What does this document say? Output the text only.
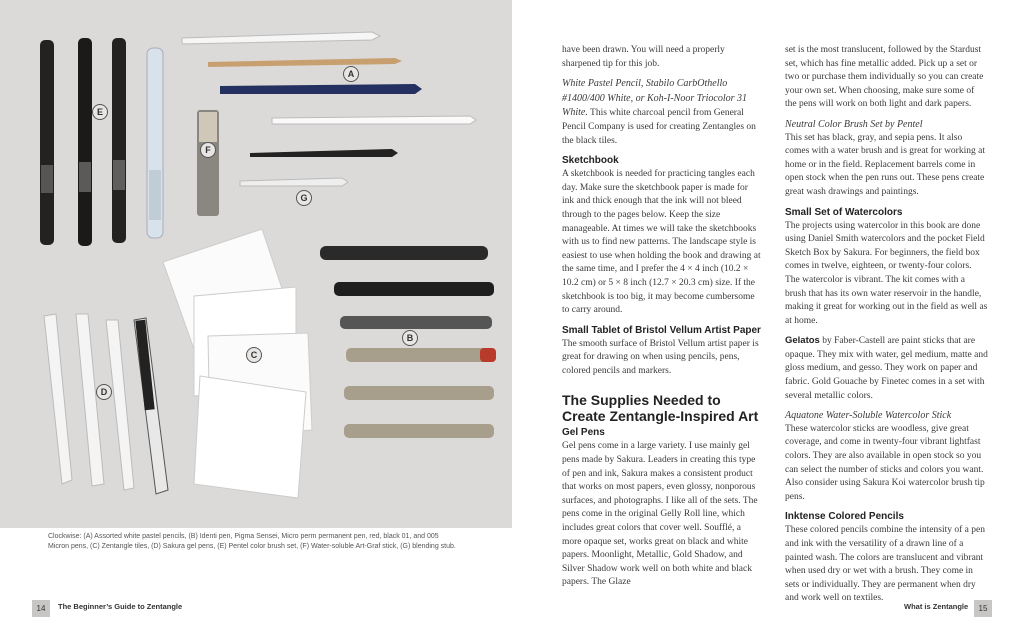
A
E
F
G
B
C
D
Clockwise: (A) Assorted white pastel pencils, (B) Identi pen, Pigma Sensei, Micro perm permanent pen, red, black 01, and 005 Micron pens, (C) Zentangle tiles, (D) Sakura gel pens, (E) Pentel color brush set, (F) Water-soluble Art-Graf stick, (G) blending stub.
14	The Beginner’s Guide to Zentangle	What is Zentangle	15

have been drawn. You will need a properly sharpened tip for this job.

White Pastel Pencil, Stabilo CarbOthello #1400/400 White, or Koh-I-Noor Triocolor 31 White. This white charcoal pencil from General Pencil Company is used for creating Zentangles on the black tiles.

Sketchbook

A sketchbook is needed for practicing tangles each day. Make sure the sketchbook paper is made for ink and thick enough that the ink will not bleed through to the pages below. Keep the size manageable. At times we will take the sketchbooks with us to find new patterns. The landscape style is easiest to use when holding the book and drawing at the same time, and I prefer the 4 × 4 inch (10.2 × 10.2 cm) or 5 × 8 inch (12.7 × 20.3 cm) size. If the sketchbook is too big, it may become cumbersome to carry around.

Small Tablet of Bristol Vellum Artist Paper

The smooth surface of Bristol Vellum artist paper is great for drawing on when using pencils, pens, colored pencils and markers.

The Supplies Needed to Create Zentangle-Inspired Art

Gel Pens

Gel pens come in a large variety. I use mainly gel pens made by Sakura. Leaders in creating this type of pen and ink, Sakura makes a consistent product that works on most papers, even glossy, nonporous surfaces, and photographs. I like all of the sets. The pens come in the original Gelly Roll line, which includes great colors that cover well. Soufflé, a more opaque set, works great on black and white papers. Moonlight, Metallic, Gold Shadow, and Silver Shadow work well on both white and black papers. The Glaze

set is the most translucent, followed by the Stardust set, which has fine metallic added. Pick up a set or two or purchase them individually so you can create your own set. When choosing, make sure some of the pens will work on both light and dark papers.

Neutral Color Brush Set by Pentel

This set has black, gray, and sepia pens. It also comes with a water brush and is great for working at home or in the field. Replacement barrels come in open stock when the pen runs out. These pens create great wash drawings and paintings.

Small Set of Watercolors

The projects using watercolor in this book are done using Daniel Smith watercolors and the pocket Field Sketch Box by Sakura. For beginners, the field box comes in twelve, eighteen, or twenty-four colors. The watercolor is vibrant. The kit comes with a brush that has its own water reservoir in the handle, making it great for working out in the field as well as at home.

Gelatos by Faber-Castell are paint sticks that are opaque. They mix with water, gel medium, matte and gloss medium, and gesso. They work on paper and fabric. Gold Gouache by Finetec comes in a set with several metallic colors.

Aquatone Water-Soluble Watercolor Stick

These watercolor sticks are woodless, give great coverage, and come in twenty-four vibrant lightfast colors. They are also available in open stock so you can select the number of sticks and colors you want. Also consider using Sakura Koi watercolor brush tip pens.

Inktense Colored Pencils

These colored pencils combine the intensity of a pen and ink with the versatility of a drawn line of a painted wash. The colors are translucent and vibrant when used dry or wet with a brush. They come in sets or individually. They are permanent when dry and work well on textiles.
